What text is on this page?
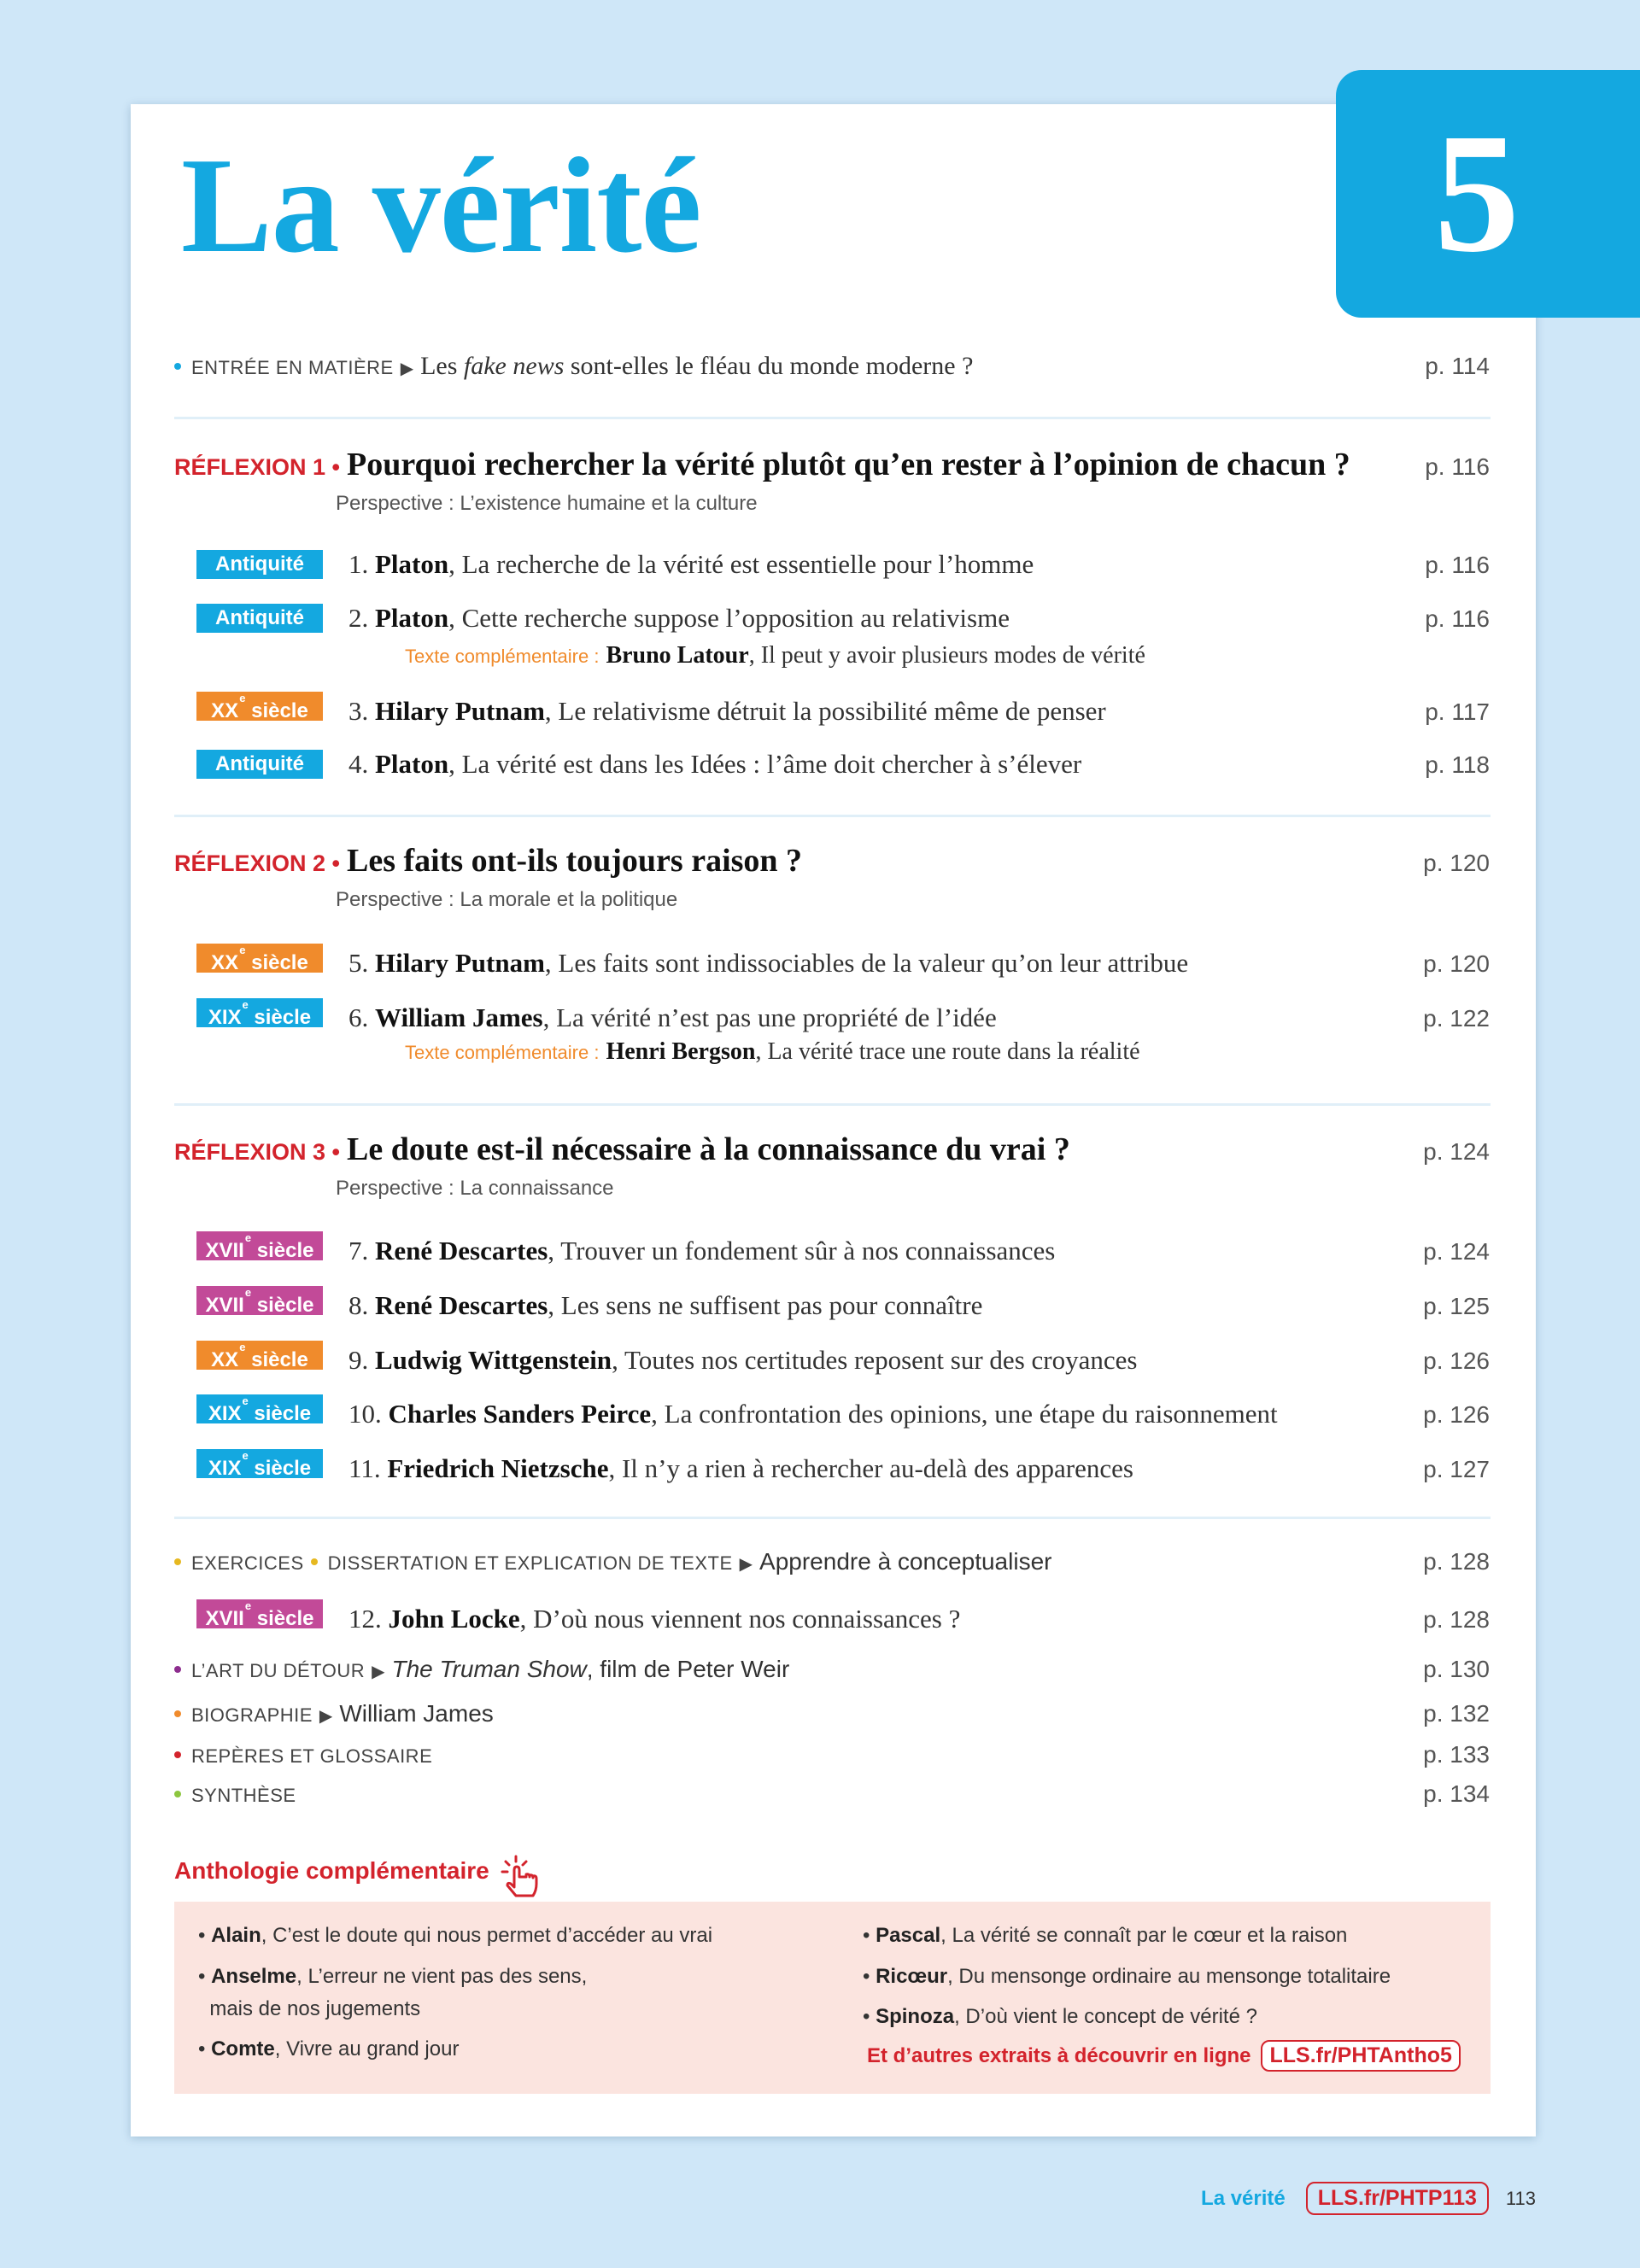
5
La vérité
ENTRÉE EN MATIÈRE ▶ Les fake news sont-elles le fléau du monde moderne ?	p. 114
RÉFLEXION 1 • Pourquoi rechercher la vérité plutôt qu’en rester à l’opinion de chacun ?	p. 116
Perspective : L’existence humaine et la culture
Antiquité	1. Platon, La recherche de la vérité est essentielle pour l’homme	p. 116
Antiquité	2. Platon, Cette recherche suppose l’opposition au relativisme	p. 116
Texte complémentaire : Bruno Latour, Il peut y avoir plusieurs modes de vérité
XXe siècle	3. Hilary Putnam, Le relativisme détruit la possibilité même de penser	p. 117
Antiquité	4. Platon, La vérité est dans les Idées : l’âme doit chercher à s’élever	p. 118
RÉFLEXION 2 • Les faits ont-ils toujours raison ?	p. 120
Perspective : La morale et la politique
XXe siècle	5. Hilary Putnam, Les faits sont indissociables de la valeur qu’on leur attribue	p. 120
XIXe siècle	6. William James, La vérité n’est pas une propriété de l’idée	p. 122
Texte complémentaire : Henri Bergson, La vérité trace une route dans la réalité
RÉFLEXION 3 • Le doute est-il nécessaire à la connaissance du vrai ?	p. 124
Perspective : La connaissance
XVIIe siècle	7. René Descartes, Trouver un fondement sûr à nos connaissances	p. 124
XVIIe siècle	8. René Descartes, Les sens ne suffisent pas pour connaître	p. 125
XXe siècle	9. Ludwig Wittgenstein, Toutes nos certitudes reposent sur des croyances	p. 126
XIXe siècle	10. Charles Sanders Peirce, La confrontation des opinions, une étape du raisonnement	p. 126
XIXe siècle	11. Friedrich Nietzsche, Il n’y a rien à rechercher au-delà des apparences	p. 127
EXERCICES DISSERTATION ET EXPLICATION DE TEXTE ▶ Apprendre à conceptualiser	p. 128
XVIIe siècle	12. John Locke, D’où nous viennent nos connaissances ?	p. 128
L’ART DU DÉTOUR ▶ The Truman Show, film de Peter Weir	p. 130
BIOGRAPHIE ▶ William James	p. 132
REPÈRES ET GLOSSAIRE	p. 133
SYNTHÈSE	p. 134
Anthologie complémentaire
• Alain, C’est le doute qui nous permet d’accéder au vrai
• Anselme, L’erreur ne vient pas des sens,
mais de nos jugements
• Comte, Vivre au grand jour
• Pascal, La vérité se connaît par le cœur et la raison
• Ricœur, Du mensonge ordinaire au mensonge totalitaire
• Spinoza, D’où vient le concept de vérité ?
Et d’autres extraits à découvrir en ligne LLS.fr/PHTAntho5
La vérité	LLS.fr/PHTP113	113
